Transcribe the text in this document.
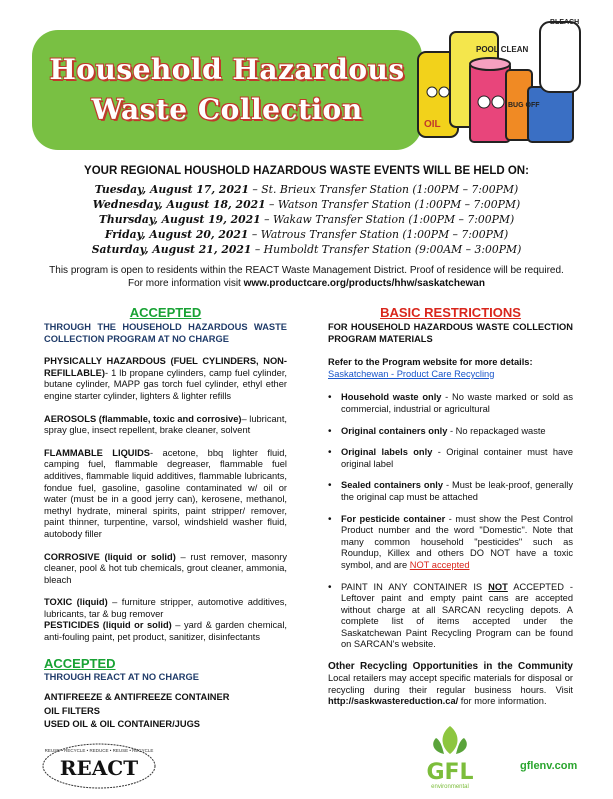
Household Hazardous
Waste Collection
POOL CLEAN
OIL
BUG OFF
BLEACH
YOUR REGIONAL HOUSHOLD HAZARDOUS WASTE EVENTS WILL BE HELD ON:
Tuesday, August 17, 2021 – St. Brieux Transfer Station (1:00PM – 7:00PM)
Wednesday, August 18, 2021 – Watson Transfer Station (1:00PM – 7:00PM)
Thursday, August 19, 2021 – Wakaw Transfer Station (1:00PM – 7:00PM)
Friday, August 20, 2021 – Watrous Transfer Station (1:00PM – 7:00PM)
Saturday, August 21, 2021 – Humboldt Transfer Station (9:00AM – 3:00PM)
This program is open to residents within the REACT Waste Management District. Proof of residence will be required.
For more information visit www.productcare.org/products/hhw/saskatchewan
ACCEPTED
THROUGH THE HOUSEHOLD HAZARDOUS WASTE COLLECTION PROGRAM AT NO CHARGE
PHYSICALLY HAZARDOUS (FUEL CYLINDERS, NON-REFILLABLE)- 1 lb propane cylinders, camp fuel cylinder, butane cylinder, MAPP gas torch fuel cylinder, ethyl ether engine starter cylinder, lighters & lighter refills
AEROSOLS (flammable, toxic and corrosive)– lubricant, spray glue, insect repellent, brake cleaner, solvent
FLAMMABLE LIQUIDS- acetone, bbq lighter fluid, camping fuel, flammable degreaser, flammable fuel additives, flammable liquid additives, flammable lubricants, fondue fuel, gasoline, gasoline contaminated w/ oil or water (must be in a good jerry can), kerosene, methanol, methyl hydrate, mineral spirits, paint stripper/ remover, paint thinner, turpentine, varsol, windshield washer fluid, autobody filler
CORROSIVE (liquid or solid) – rust remover, masonry cleaner, pool & hot tub chemicals, grout cleaner, ammonia, bleach
TOXIC (liquid) – furniture stripper, automotive additives, lubricants, tar & bug remover
PESTICIDES (liquid or solid) – yard & garden chemical, anti-fouling paint, pet product, sanitizer, disinfectants
ACCEPTED
THROUGH REACT AT NO CHARGE
ANTIFREEZE & ANTIFREEZE CONTAINER
OIL FILTERS
USED OIL & OIL CONTAINER/JUGS
BASIC RESTRICTIONS
FOR HOUSEHOLD HAZARDOUS WASTE COLLECTION PROGRAM MATERIALS
Refer to the Program website for more details:
Saskatchewan - Product Care Recycling
• Household waste only - No waste marked or sold as commercial, industrial or agricultural
• Original containers only - No repackaged waste
• Original labels only - Original container must have original label
• Sealed containers only - Must be leak-proof, generally the original cap must be attached
• For pesticide container - must show the Pest Control Product number and the word "Domestic". Note that many common household "pesticides" such as Roundup, Killex and others DO NOT have a toxic symbol, and are NOT accepted
• PAINT IN ANY CONTAINER IS NOT ACCEPTED - Leftover paint and empty paint cans are accepted without charge at all SARCAN recycling depots. A complete list of items accepted under the Saskatchewan Paint Recycling Program can be found on SARCAN's website.
Other Recycling Opportunities in the Community
Local retailers may accept specific materials for disposal or recycling during their regular business hours. Visit http://saskwastereduction.ca/ for more information.
REUSE • RECYCLE • REDUCE • REUSE • RECYCLE
REACT	GFL
environmental
gflenv.com
